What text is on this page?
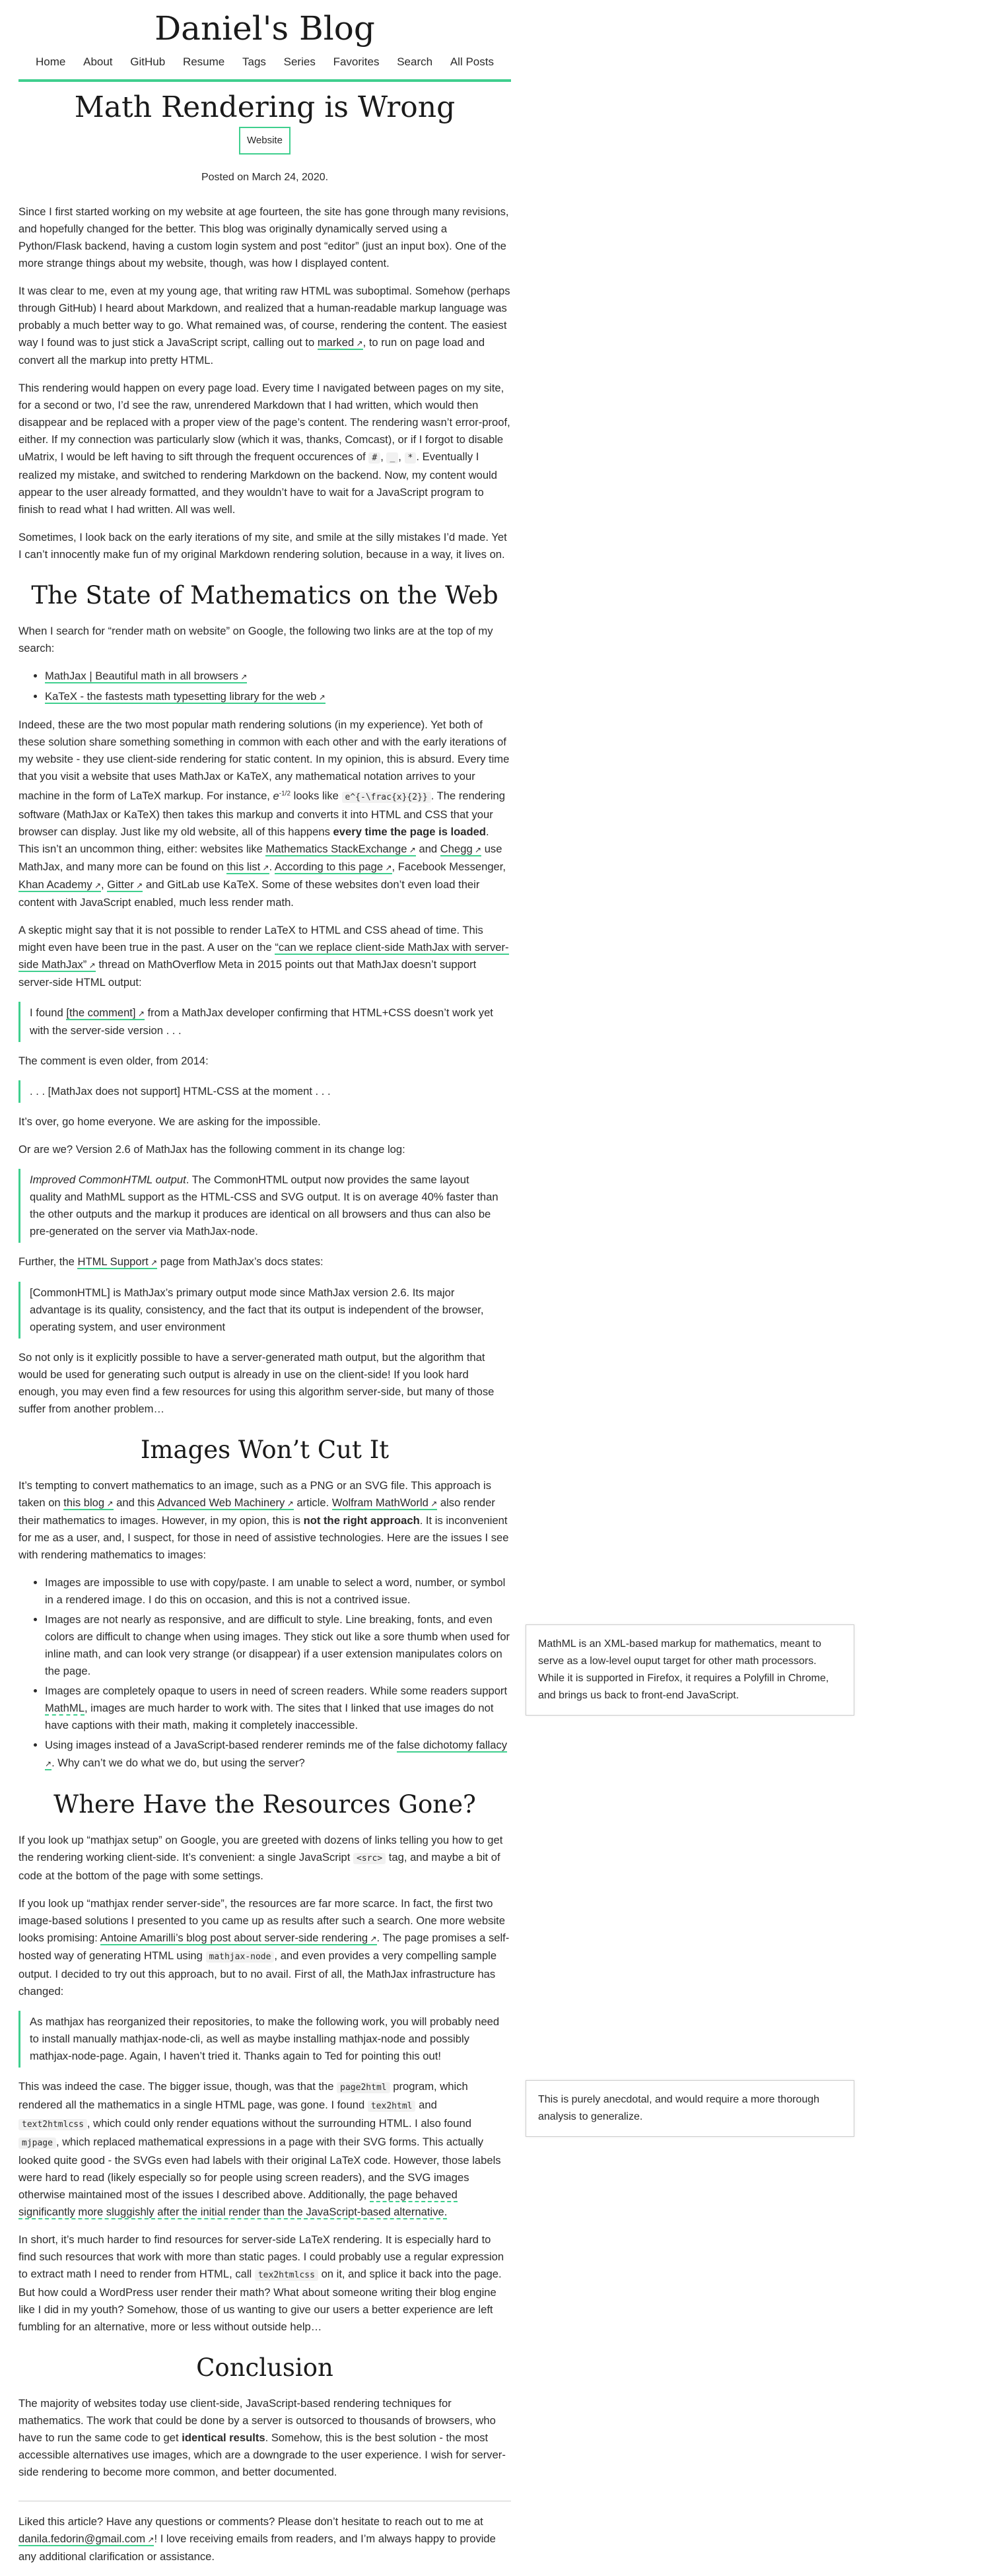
Daniel's Blog
Home About GitHub Resume Tags Series Favorites Search All Posts
Math Rendering is Wrong
Website
Posted on March 24, 2020.

Since I first started working on my website at age fourteen, the site has gone through many revisions, and hopefully changed for the better. This blog was originally dynamically served using a Python/Flask backend, having a custom login system and post “editor” (just an input box). One of the more strange things about my website, though, was how I displayed content.

It was clear to me, even at my young age, that writing raw HTML was suboptimal. Somehow (perhaps through GitHub) I heard about Markdown, and realized that a human-readable markup language was probably a much better way to go. What remained was, of course, rendering the content. The easiest way I found was to just stick a JavaScript script, calling out to marked ↗ , to run on page load and convert all the markup into pretty HTML.

This rendering would happen on every page load. Every time I navigated between pages on my site, for a second or two, I’d see the raw, unrendered Markdown that I had written, which would then disappear and be replaced with a proper view of the page’s content. The rendering wasn’t error-proof, either. If my connection was particularly slow (which it was, thanks, Comcast), or if I forgot to disable uMatrix, I would be left having to sift through the frequent occurences of # , _ , * . Eventually I realized my mistake, and switched to rendering Markdown on the backend. Now, my content would appear to the user already formatted, and they wouldn’t have to wait for a JavaScript program to finish to read what I had written. All was well.

Sometimes, I look back on the early iterations of my site, and smile at the silly mistakes I’d made. Yet I can’t innocently make fun of my original Markdown rendering solution, because in a way, it lives on.

The State of Mathematics on the Web

When I search for “render math on website” on Google, the following two links are at the top of my search:

• MathJax | Beautiful math in all browsers ↗
• KaTeX - the fastests math typesetting library for the web ↗

Indeed, these are the two most popular math rendering solutions (in my experience). Yet both of these solution share something something in common with each other and with the early iterations of my website - they use client-side rendering for static content. In my opinion, this is absurd. Every time that you visit a website that uses MathJax or KaTeX, any mathematical notation arrives to your machine in the form of LaTeX markup. For instance, $e^{-1/2}$ looks like e^{-\frac{x}{2}} . The rendering software (MathJax or KaTeX) then takes this markup and converts it into HTML and CSS that your browser can display. Just like my old website, all of this happens every time the page is loaded. This isn’t an uncommon thing, either: websites like Mathematics StackExchange ↗ and Chegg ↗ use MathJax, and many more can be found on this list ↗ . According to this page ↗ , Facebook Messenger, Khan Academy ↗ , Gitter ↗ and GitLab use KaTeX. Some of these websites don’t even load their content with JavaScript enabled, much less render math.

A skeptic might say that it is not possible to render LaTeX to HTML and CSS ahead of time. This might even have been true in the past. A user on the “can we replace client-side MathJax with server-side MathJax” ↗ thread on MathOverflow Meta in 2015 points out that MathJax doesn’t support server-side HTML output:

I found [the comment] ↗ from a MathJax developer confirming that HTML+CSS doesn’t work yet with the server-side version . . .

The comment is even older, from 2014:

. . . [MathJax does not support] HTML-CSS at the moment . . .

It’s over, go home everyone. We are asking for the impossible.

Or are we? Version 2.6 of MathJax has the following comment in its change log:

Improved CommonHTML output. The CommonHTML output now provides the same layout quality and MathML support as the HTML-CSS and SVG output. It is on average 40% faster than the other outputs and the markup it produces are identical on all browsers and thus can also be pre-generated on the server via MathJax-node.

Further, the HTML Support ↗ page from MathJax’s docs states:

[CommonHTML] is MathJax’s primary output mode since MathJax version 2.6. Its major advantage is its quality, consistency, and the fact that its output is independent of the browser, operating system, and user environment

So not only is it explicitly possible to have a server-generated math output, but the algorithm that would be used for generating such output is already in use on the client-side! If you look hard enough, you may even find a few resources for using this algorithm server-side, but many of those suffer from another problem…

Images Won’t Cut It

It’s tempting to convert mathematics to an image, such as a PNG or an SVG file. This approach is taken on this blog ↗ and this Advanced Web Machinery ↗ article. Wolfram MathWorld ↗ also render their mathematics to images. However, in my opion, this is not the right approach. It is inconvenient for me as a user, and, I suspect, for those in need of assistive technologies. Here are the issues I see with rendering mathematics to images:

• Images are impossible to use with copy/paste. I am unable to select a word, number, or symbol in a rendered image. I do this on occasion, and this is not a contrived issue.
• Images are not nearly as responsive, and are difficult to style. Line breaking, fonts, and even colors are difficult to change when using images. They stick out like a sore thumb when used for inline math, and can look very strange (or disappear) if a user extension manipulates colors on the page.
• Images are completely opaque to users in need of screen readers. While some readers support MathML, images are much harder to work with. The sites that I linked that use images do not have captions with their math, making it completely inaccessible.
• Using images instead of a JavaScript-based renderer reminds me of the false dichotomy fallacy ↗. Why can’t we do what we do, but using the server?
Where Have the Resources Gone?

If you look up “mathjax setup” on Google, you are greeted with dozens of links telling you how to get the rendering working client-side. It’s convenient: a single JavaScript <src> tag, and maybe a bit of code at the bottom of the page with some settings.

If you look up “mathjax render server-side”, the resources are far more scarce. In fact, the first two image-based solutions I presented to you came up as results after such a search. One more website looks promising: Antoine Amarilli’s blog post about server-side rendering ↗ . The page promises a self-hosted way of generating HTML using mathjax-node , and even provides a very compelling sample output. I decided to try out this approach, but to no avail. First of all, the MathJax infrastructure has changed:

As mathjax has reorganized their repositories, to make the following work, you will probably need to install manually mathjax-node-cli, as well as maybe installing mathjax-node and possibly mathjax-node-page. Again, I haven’t tried it. Thanks again to Ted for pointing this out!

This was indeed the case. The bigger issue, though, was that the page2html program, which rendered all the mathematics in a single HTML page, was gone. I found tex2html and text2htmlcss , which could only render equations without the surrounding HTML. I also found mjpage , which replaced mathematical expressions in a page with their SVG forms. This actually looked quite good - the SVGs even had labels with their original LaTeX code. However, those labels were hard to read (likely especially so for people using screen readers), and the SVG images otherwise maintained most of the issues I described above. Additionally, the page behaved significantly more sluggishly after the initial render than the JavaScript-based alternative.

In short, it’s much harder to find resources for server-side LaTeX rendering. It is especially hard to find such resources that work with more than static pages. I could probably use a regular expression to extract math I need to render from HTML, call tex2htmlcss on it, and splice it back into the page. But how could a WordPress user render their math? What about someone writing their blog engine like I did in my youth? Somehow, those of us wanting to give our users a better experience are left fumbling for an alternative, more or less without outside help…

Conclusion

The majority of websites today use client-side, JavaScript-based rendering techniques for mathematics. The work that could be done by a server is outsorced to thousands of browsers, who have to run the same code to get identical results. Somehow, this is the best solution - the most accessible alternatives use images, which are a downgrade to the user experience. I wish for server-side rendering to become more common, and better documented.

Liked this article? Have any questions or comments? Please don’t hesitate to reach out to me at danila.fedorin@gmail.com ↗ ! I love receiving emails from readers, and I’m always happy to provide any additional clarification or assistance.

MathML is an XML-based markup for mathematics, meant to serve as a low-level ouput target for other math processors. While it is supported in Firefox, it requires a Polyfill in Chrome, and brings us back to front-end JavaScript.
This is purely anecdotal, and would require a more thorough analysis to generalize.
